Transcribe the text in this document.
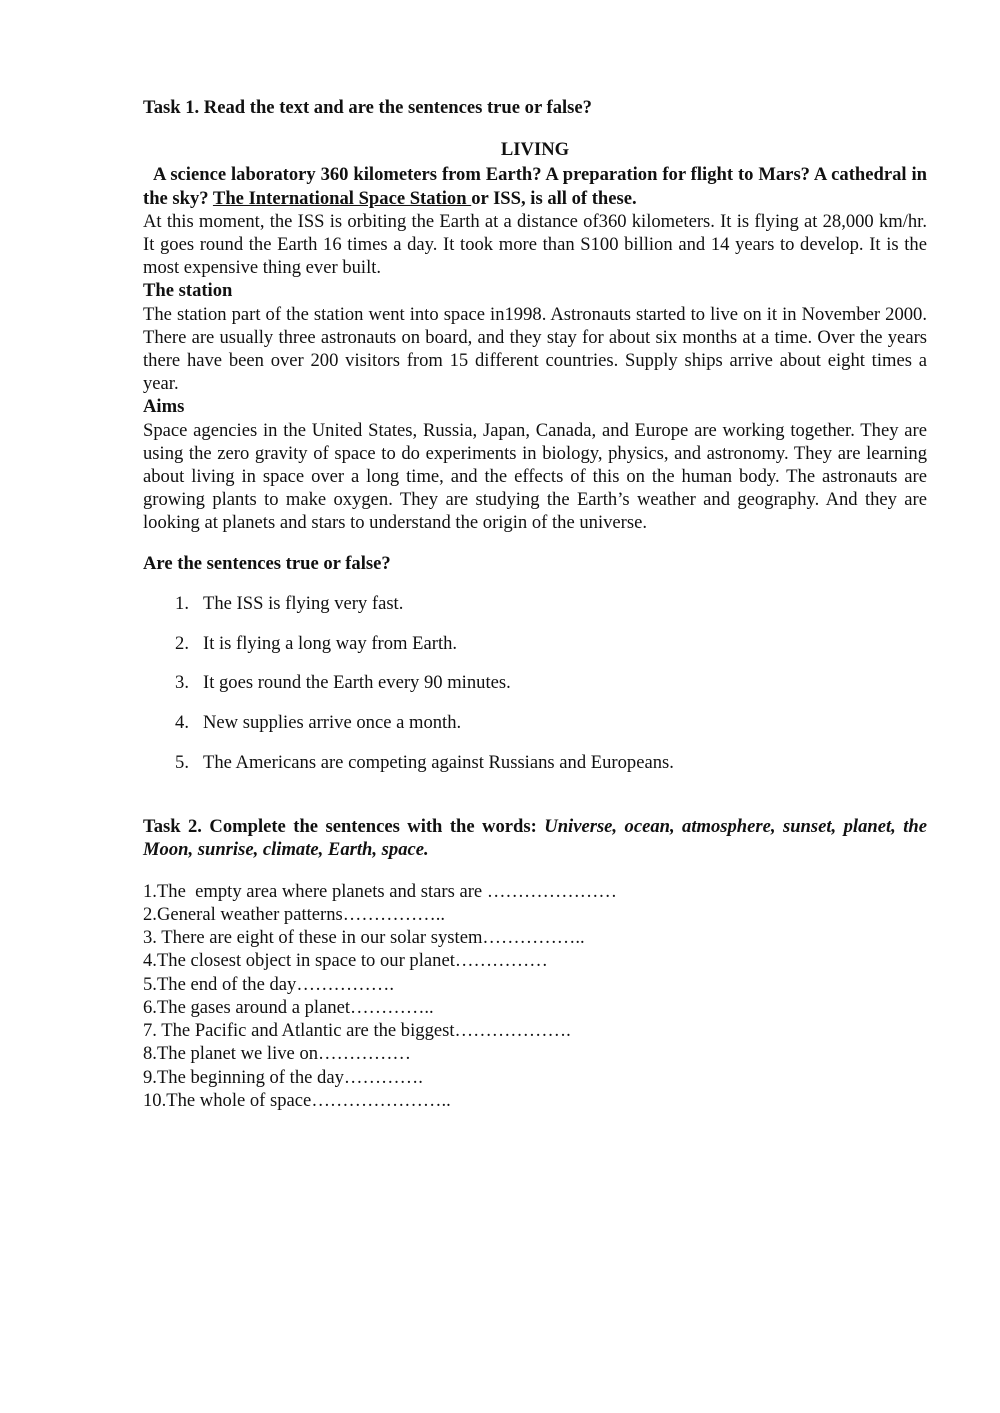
Task 1. Read the text and are the sentences true or false?
LIVING

A science laboratory 360 kilometers from Earth? A preparation for flight to Mars? A cathedral in the sky? The International Space Station or ISS, is all of these.

At this moment, the ISS is orbiting the Earth at a distance of360 kilometers. It is flying at 28,000 km/hr. It goes round the Earth 16 times a day. It took more than S100 billion and 14 years to develop. It is the most expensive thing ever built.

The station

The station part of the station went into space in1998. Astronauts started to live on it in November 2000. There are usually three astronauts on board, and they stay for about six months at a time. Over the years there have been over 200 visitors from 15 different countries. Supply ships arrive about eight times a year.

Aims

Space agencies in the United States, Russia, Japan, Canada, and Europe are working together. They are using the zero gravity of space to do experiments in biology, physics, and astronomy. They are learning about living in space over a long time, and the effects of this on the human body. The astronauts are growing plants to make oxygen. They are studying the Earth’s weather and geography. And they are looking at planets and stars to understand the origin of the universe.

Are the sentences true or false?
1. The ISS is flying very fast.
2. It is flying a long way from Earth.
3. It goes round the Earth every 90 minutes.
4. New supplies arrive once a month.
5. The Americans are competing against Russians and Europeans.

Task 2. Complete the sentences with the words: Universe, ocean, atmosphere, sunset, planet, the Moon, sunrise, climate, Earth, space.

1.The  empty area where planets and stars are …………………

2.General weather patterns……………..

3. There are eight of these in our solar system……………..

4.The closest object in space to our planet……………

5.The end of the day…………….

6.The gases around a planet…………..

7. The Pacific and Atlantic are the biggest……………….

8.The planet we live on……………

9.The beginning of the day………….

10.The whole of space…………………..
